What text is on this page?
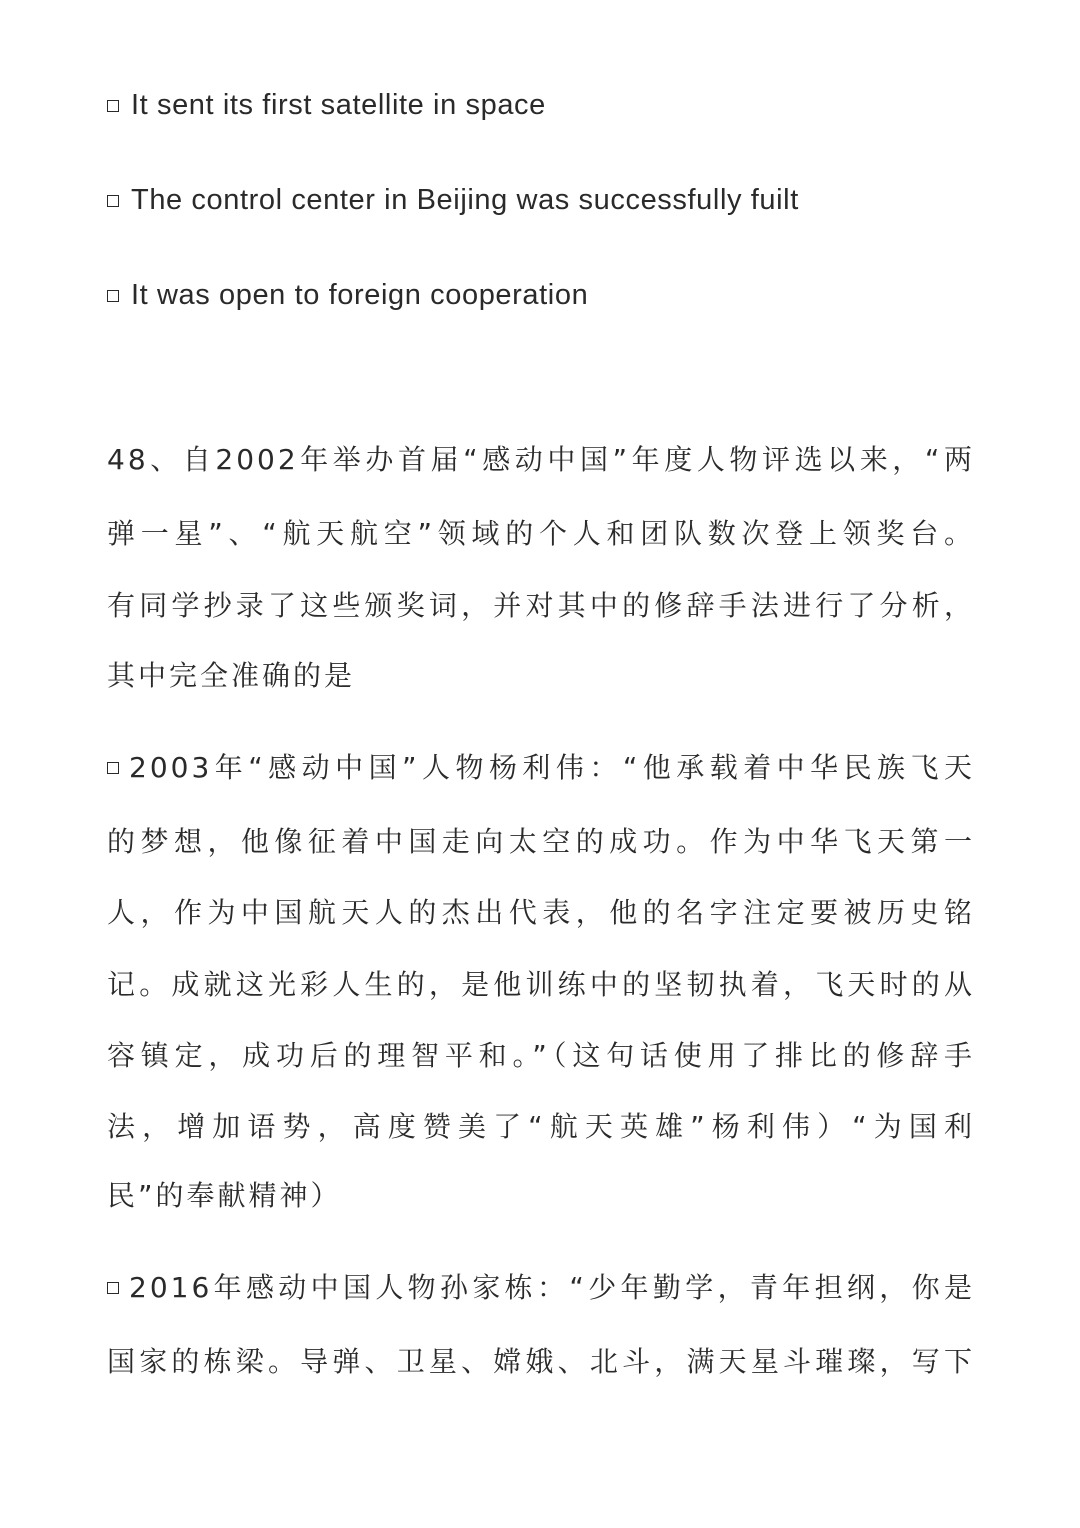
It sent its first satellite in space
The control center in Beijing was successfully fuilt
It was open to foreign cooperation
48、自2002年举办首届“感动中国”年度人物评选以来，“两
弹一星”、“航天航空”领域的个人和团队数次登上领奖台。
有同学抄录了这些颁奖词，并对其中的修辞手法进行了分析，
其中完全准确的是
2003年“感动中国”人物杨利伟：“他承载着中华民族飞天
的梦想，他像征着中国走向太空的成功。作为中华飞天第一
人，作为中国航天人的杰出代表，他的名字注定要被历史铭
记。成就这光彩人生的，是他训练中的坚韧执着，飞天时的从
容镇定，成功后的理智平和。”（这句话使用了排比的修辞手
法，增加语势，高度赞美了“航天英雄”杨利伟）“为国利
民”的奉献精神）
2016年感动中国人物孙家栋：“少年勤学，青年担纲，你是
国家的栋梁。导弹、卫星、嫦娥、北斗，满天星斗璀璨，写下
